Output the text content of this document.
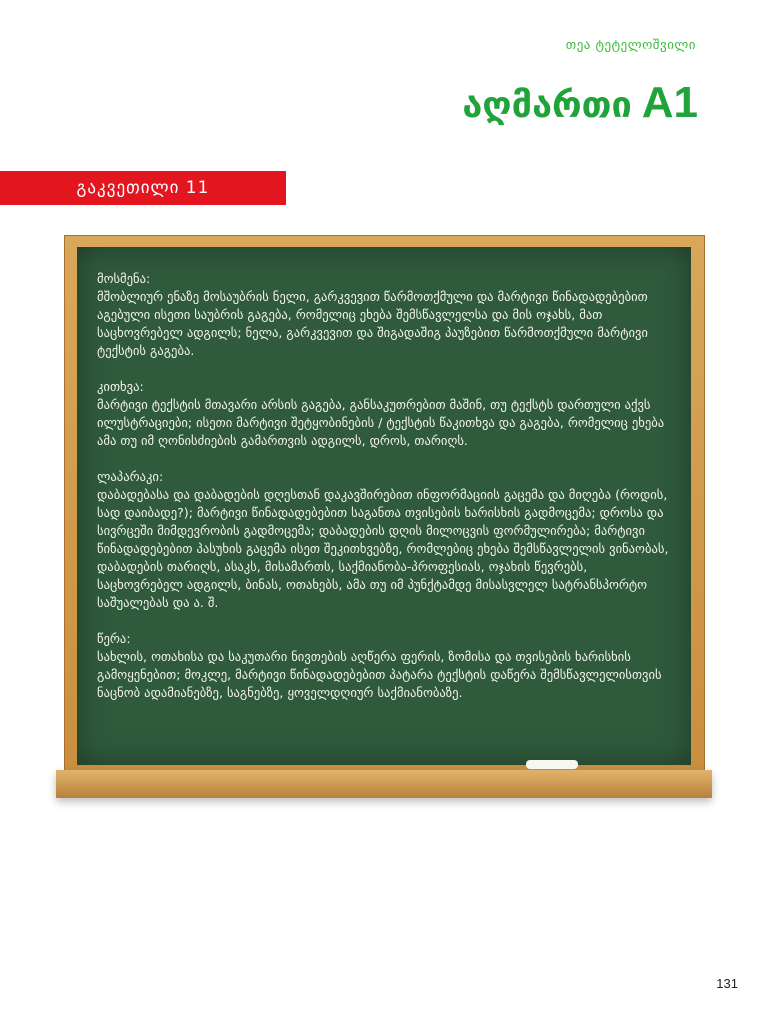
თეა ტეტელოშვილი
აღმართი A1
გაკვეთილი 11
მოსმენა:
მშობლიურ ენაზე მოსაუბრის ნელი, გარკვევით წარმოთქმული და მარტივი წინადადებებით აგებული ისეთი საუბრის გაგება, რომელიც ეხება შემსწავლელსა და მის ოჯახს, მათ საცხოვრებელ ადგილს; ნელა, გარკვევით და შიგადაშიგ პაუზებით წარმოთქმული მარტივი ტექსტის გაგება.
კითხვა:
მარტივი ტექსტის მთავარი არსის გაგება, განსაკუთრებით მაშინ, თუ ტექსტს დართული აქვს ილუსტრაციები; ისეთი მარტივი შეტყობინების / ტექსტის წაკითხვა და გაგება, რომელიც ეხება ამა თუ იმ ღონისძიების გამართვის ადგილს, დროს, თარიღს.
ლაპარაკი:
დაბადებასა და დაბადების დღესთან დაკავშირებით ინფორმაციის გაცემა და მიღება (როდის, სად დაიბადე?); მარტივი წინადადებებით საგანთა თვისების ხარისხის გადმოცემა; დროსა და სივრცეში მიმდევრობის გადმოცემა; დაბადების დღის მილოცვის ფორმულირება; მარტივი წინადადებებით პასუხის გაცემა ისეთ შეკითხვებზე, რომლებიც ეხება შემსწავლელის ვინაობას, დაბადების თარიღს, ასაკს, მისამართს, საქმიანობა-პროფესიას, ოჯახის წევრებს, საცხოვრებელ ადგილს, ბინას, ოთახებს, ამა თუ იმ პუნქტამდე მისასვლელ სატრანსპორტო საშუალებას და ა. შ.
წერა:
სახლის, ოთახისა და საკუთარი ნივთების აღწერა ფერის, ზომისა და თვისების ხარისხის გამოყენებით; მოკლე, მარტივი წინადადებებით პატარა ტექსტის დაწერა შემსწავლელისთვის ნაცნობ ადამიანებზე, საგნებზე, ყოველდღიურ საქმიანობაზე.
131
